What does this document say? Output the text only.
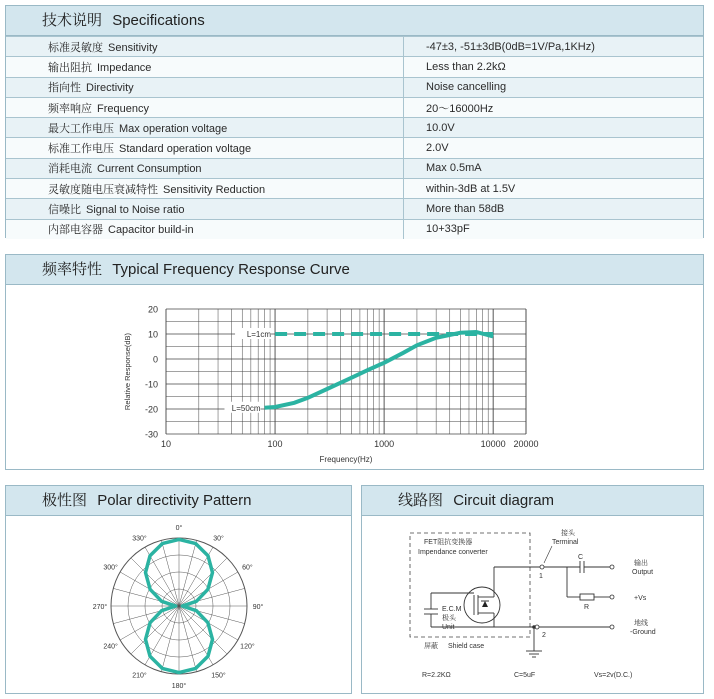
技术说明 Specifications
标准灵敏度 Sensitivity	-47±3, -51±3dB(0dB=1V/Pa,1KHz)
输出阻抗 Impedance	Less than 2.2kΩ
指向性 Directivity	Noise cancelling
频率响应 Frequency	20～16000Hz
最大工作电压 Max operation voltage	10.0V
标准工作电压 Standard operation voltage	2.0V
消耗电流 Current Consumption	Max 0.5mA
灵敏度随电压衰减特性 Sensitivity Reduction	within-3dB at 1.5V
信噪比 Signal to Noise ratio	More than 58dB
内部电容器 Capacitor build-in	10+33pF
频率特性 Typical Frequency Response Curve
20
10
0
-10
-20
-30
10	100	1000	10000 20000
Frequency(Hz)
Relative Response(dB)	L=1cm
L=50cm
极性图 Polar directivity Pattern
0°
30°
60°
90°
120°
150°
180°
210°
240°
270°
300°
330°
线路图 Circuit diagram
FET阻抗变换器
Impendance converter
E.C.M
极头
Unit
接头
Terminal
1
2
C
输出
Output
R
+Vs
地线
-Ground
屏蔽 Shield case
R=2.2KΩ	C=5uF	Vs=2v(D.C.)
